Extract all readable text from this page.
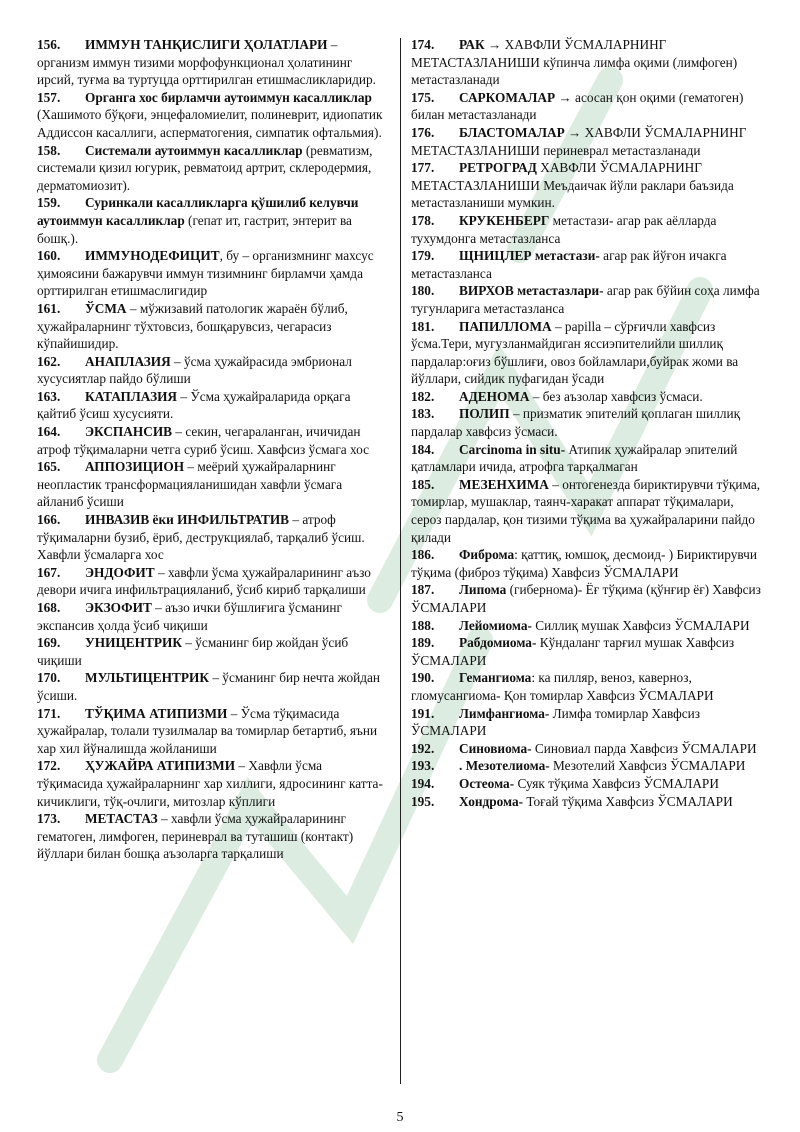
156. ИММУН ТАНҚИСЛИГИ ҲОЛАТЛАРИ – организм иммун тизими морфофункционал ҳолатининг ирсий, туғма ва туртуцда орттирилган етишмасликларидир.

157. Органга хос бирламчи аутоиммун касалликлар (Хашимото бўқоғи, энцефаломиелит, полиневрит, идиопатик Аддиссон касаллиги, асперматогения, симпатик офтальмия).

158. Системали аутоиммун касалликлар (ревматизм, системали қизил югурик, ревматоид артрит, склеродермия, дерматомиозит).

159. Суринкали касалликларга қўшилиб келувчи аутоиммун касалликлар (гепат ит, гастрит, энтерит ва бошқ.).

160. ИММУНОДЕФИЦИТ, бу – организмнинг махсус ҳимоясини бажарувчи иммун тизимнинг бирламчи ҳамда орттирилган етишмаслигидир

161. ЎСМА – мўжизавий патологик жараён бўлиб, ҳужайраларнинг тўхтовсиз, бошқарувсиз, чегарасиз кўпайишидир.

162. АНАПЛАЗИЯ – ўсма ҳужайрасида эмбрионал хусусиятлар пайдо бўлиши

163. КАТАПЛАЗИЯ – Ўсма ҳужайраларида орқага қайтиб ўсиш хусусияти.

164. ЭКСПАНСИВ – секин, чегараланган, ичичидан атроф тўқималарни четга суриб ўсиш. Хавфсиз ўсмага хос

165. АППОЗИЦИОН – меёрий ҳужайраларнинг неопластик трансформацияланишидан хавфли ўсмага айланиб ўсиши

166. ИНВАЗИВ ёки ИНФИЛЬТРАТИВ – атроф тўқималарни бузиб, ёриб, деструкциялаб, тарқалиб ўсиш. Хавфли ўсмаларга хос

167. ЭНДОФИТ – хавфли ўсма ҳужайраларининг аъзо девори ичига инфильтрацияланиб, ўсиб кириб тарқалиши

168. ЭКЗОФИТ – аъзо ички бўшлиғига ўсманинг экспансив ҳолда ўсиб чиқиши

169. УНИЦЕНТРИК – ўсманинг бир жойдан ўсиб чиқиши

170. МУЛЬТИЦЕНТРИК – ўсманинг бир нечта жойдан ўсиши.

171. ТЎҚИМА АТИПИЗМИ – Ўсма тўқимасида ҳужайралар, толали тузилмалар ва томирлар бетартиб, яъни хар хил йўналишда жойланиши

172. ҲУЖАЙРА АТИПИЗМИ – Хавфли ўсма тўқимасида ҳужайраларнинг хар хиллиги, ядросининг катта-кичиклиги, тўқ-очлиги, митозлар кўплиги

173. МЕТАСТАЗ – хавфли ўсма ҳужайраларининг гематоген, лимфоген, периневрал ва туташиш (контакт) йўллари билан бошқа аъзоларга тарқалиши

174. РАК → ХАВФЛИ ЎСМАЛАРНИНГ МЕТАСТАЗЛАНИШИ кўпинча лимфа оқими (лимфоген) метастазланади

175. САРКОМАЛАР → асосан қон оқими (гематоген) билан метастазланади

176. БЛАСТОМАЛАР → ХАВФЛИ ЎСМАЛАРНИНГ МЕТАСТАЗЛАНИШИ периневрал метастазланади

177. РЕТРОГРАД ХАВФЛИ ЎСМАЛАРНИНГ МЕТАСТАЗЛАНИШИ Меъдаичак йўли раклари баъзида метастазланиши мумкин.

178. КРУКЕНБЕРГ метастази- агар рак аёлларда тухумдонга метастазланса

179. ЩНИЦЛЕР метастази- агар рак йўғон ичакга метастазланса

180. ВИРХОВ метастазлари- агар рак бўйин соҳа лимфа тугунларига метастазланса

181. ПАПИЛЛОМА – papilla – сўрғичли хавфсиз ўсма.Тери, мугузланмайдиган яссиэпителийли шиллиқ пардалар:оғиз бўшлиғи, овоз бойламлари,буйрак жоми ва йўллари, сийдик пуфагидан ўсади

182. АДЕНОМА – без аъзолар хавфсиз ўсмаси.

183. ПОЛИП – призматик эпителий қоплаган шиллиқ пардалар хавфсиз ўсмаси.

184. Carcinoma in situ- Атипик ҳужайралар эпителий қатламлари ичида, атрофга тарқалмаган

185. МЕЗЕНХИМА – онтогенезда бириктирувчи тўқима, томирлар, мушаклар, таянч-харакат аппарат тўқималари, сероз пардалар, қон тизими тўқима ва ҳужайраларини пайдо қилади

186. Фиброма: қаттиқ, юмшоқ, десмоид- ) Бириктирувчи тўқима (фиброз тўқима) Хавфсиз ЎСМАЛАРИ

187. Липома (гибернома)- Ёғ тўқима (қўнғир ёғ) Хавфсиз ЎСМАЛАРИ

188. Лейомиома- Силлиқ мушак Хавфсиз ЎСМАЛАРИ

189. Рабдомиома- Кўндаланг тарғил мушак Хавфсиз ЎСМАЛАРИ

190. Гемангиома: ка пилляр, веноз, каверноз, гломусангиома- Қон томирлар Хавфсиз ЎСМАЛАРИ

191. Лимфангиома- Лимфа томирлар Хавфсиз ЎСМАЛАРИ

192. Синовиома- Синовиал парда Хавфсиз ЎСМАЛАРИ

193. . Мезотелиома- Мезотелий Хавфсиз ЎСМАЛАРИ

194. Остеома- Суяк тўқима Хавфсиз ЎСМАЛАРИ

195. Хондрома- Тоғай тўқима Хавфсиз ЎСМАЛАРИ

5
